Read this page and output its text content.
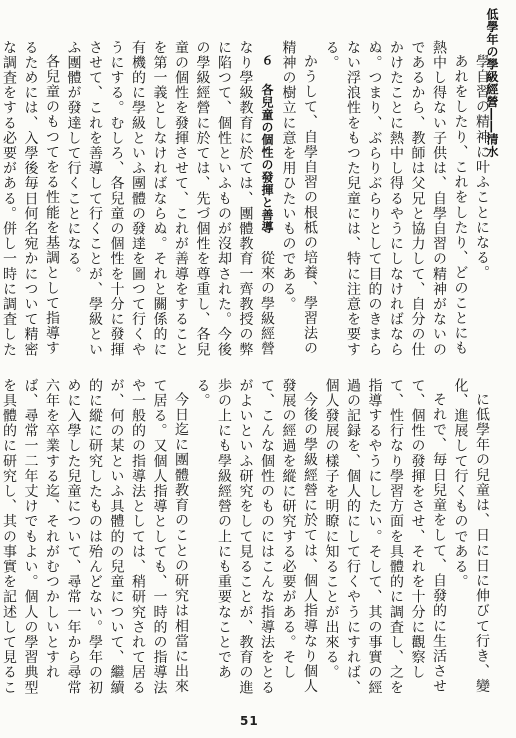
低學年の學級經營――清水

學自習の精神に叶ふことになる。

あれをしたり、これをしたり、どのことにも熱中し得ない子供は、自學自習の精神がないのであるから、教師は父兄と協力して、自分の仕かけたことに熱中し得るやうにしなければならぬ。つまり、ぶらりぶらりとして目的のきまらない浮浪性をもつた兒童には、特に注意を要する。

かうして、自學自習の根柢の培養、學習法の精神の樹立に意を用ひたいものである。

６ 各兒童の個性の發揮と善導 從來の學級經營なり學級教育に於ては、團體教育一齊教授の弊に陷つて、個性といふものが沒却された。今後の學級經營に於ては、先づ個性を尊重し、各兒童の個性を發揮させて、これが善導をすることを第一義としなければならぬ。それと關係的に有機的に學級といふ團體の發達を圖つて行くやうにする。むしろ、各兒童の個性を十分に發揮させて、これを善導して行くことが、學級といふ團體が發達して行くことになる。

各兒童のもつてをる性能を基調として指導するためには、入學後毎日何名宛かについて精密な調査をする必要がある。併し一時に調査した

に低學年の兒童は、日に日に伸びて行き、變化、進展して行くものである。

それで、毎日兒童をして、自發的に生活させて、個性の發揮をさせ、それを十分に觀察して、性行なり學習方面を具體的に調査し、之を指導するやうにしたい。そして、其の事實の經過の記録を、個人的にして行くやうにすれば、個人發展の樣子を明瞭に知ることが出來る。

今後の學級經營に於ては、個人指導なり個人發展の經過を縱に研究する必要がある。そして、こんな個性のものにはこんな指導法をとるがよいといふ研究をして見ることが、教育の進歩の上にも學級經營の上にも重要なことである。

今日迄に團體教育のことの研究は相當に出來て居る。又個人指導としても、一時的の指導法や一般的の指導法としては、稍研究されて居るが、何の某といふ具體的の兒童について、繼續的に縱に研究したものは殆んどない。學年の初めに入學した兒童について、尋常一年から尋常六年を卒業する迄、それがむつかしいとすれば、尋常一二年丈けでもよい。個人の學習典型を具體的に研究し、其の事實を記述して見るこ

51
